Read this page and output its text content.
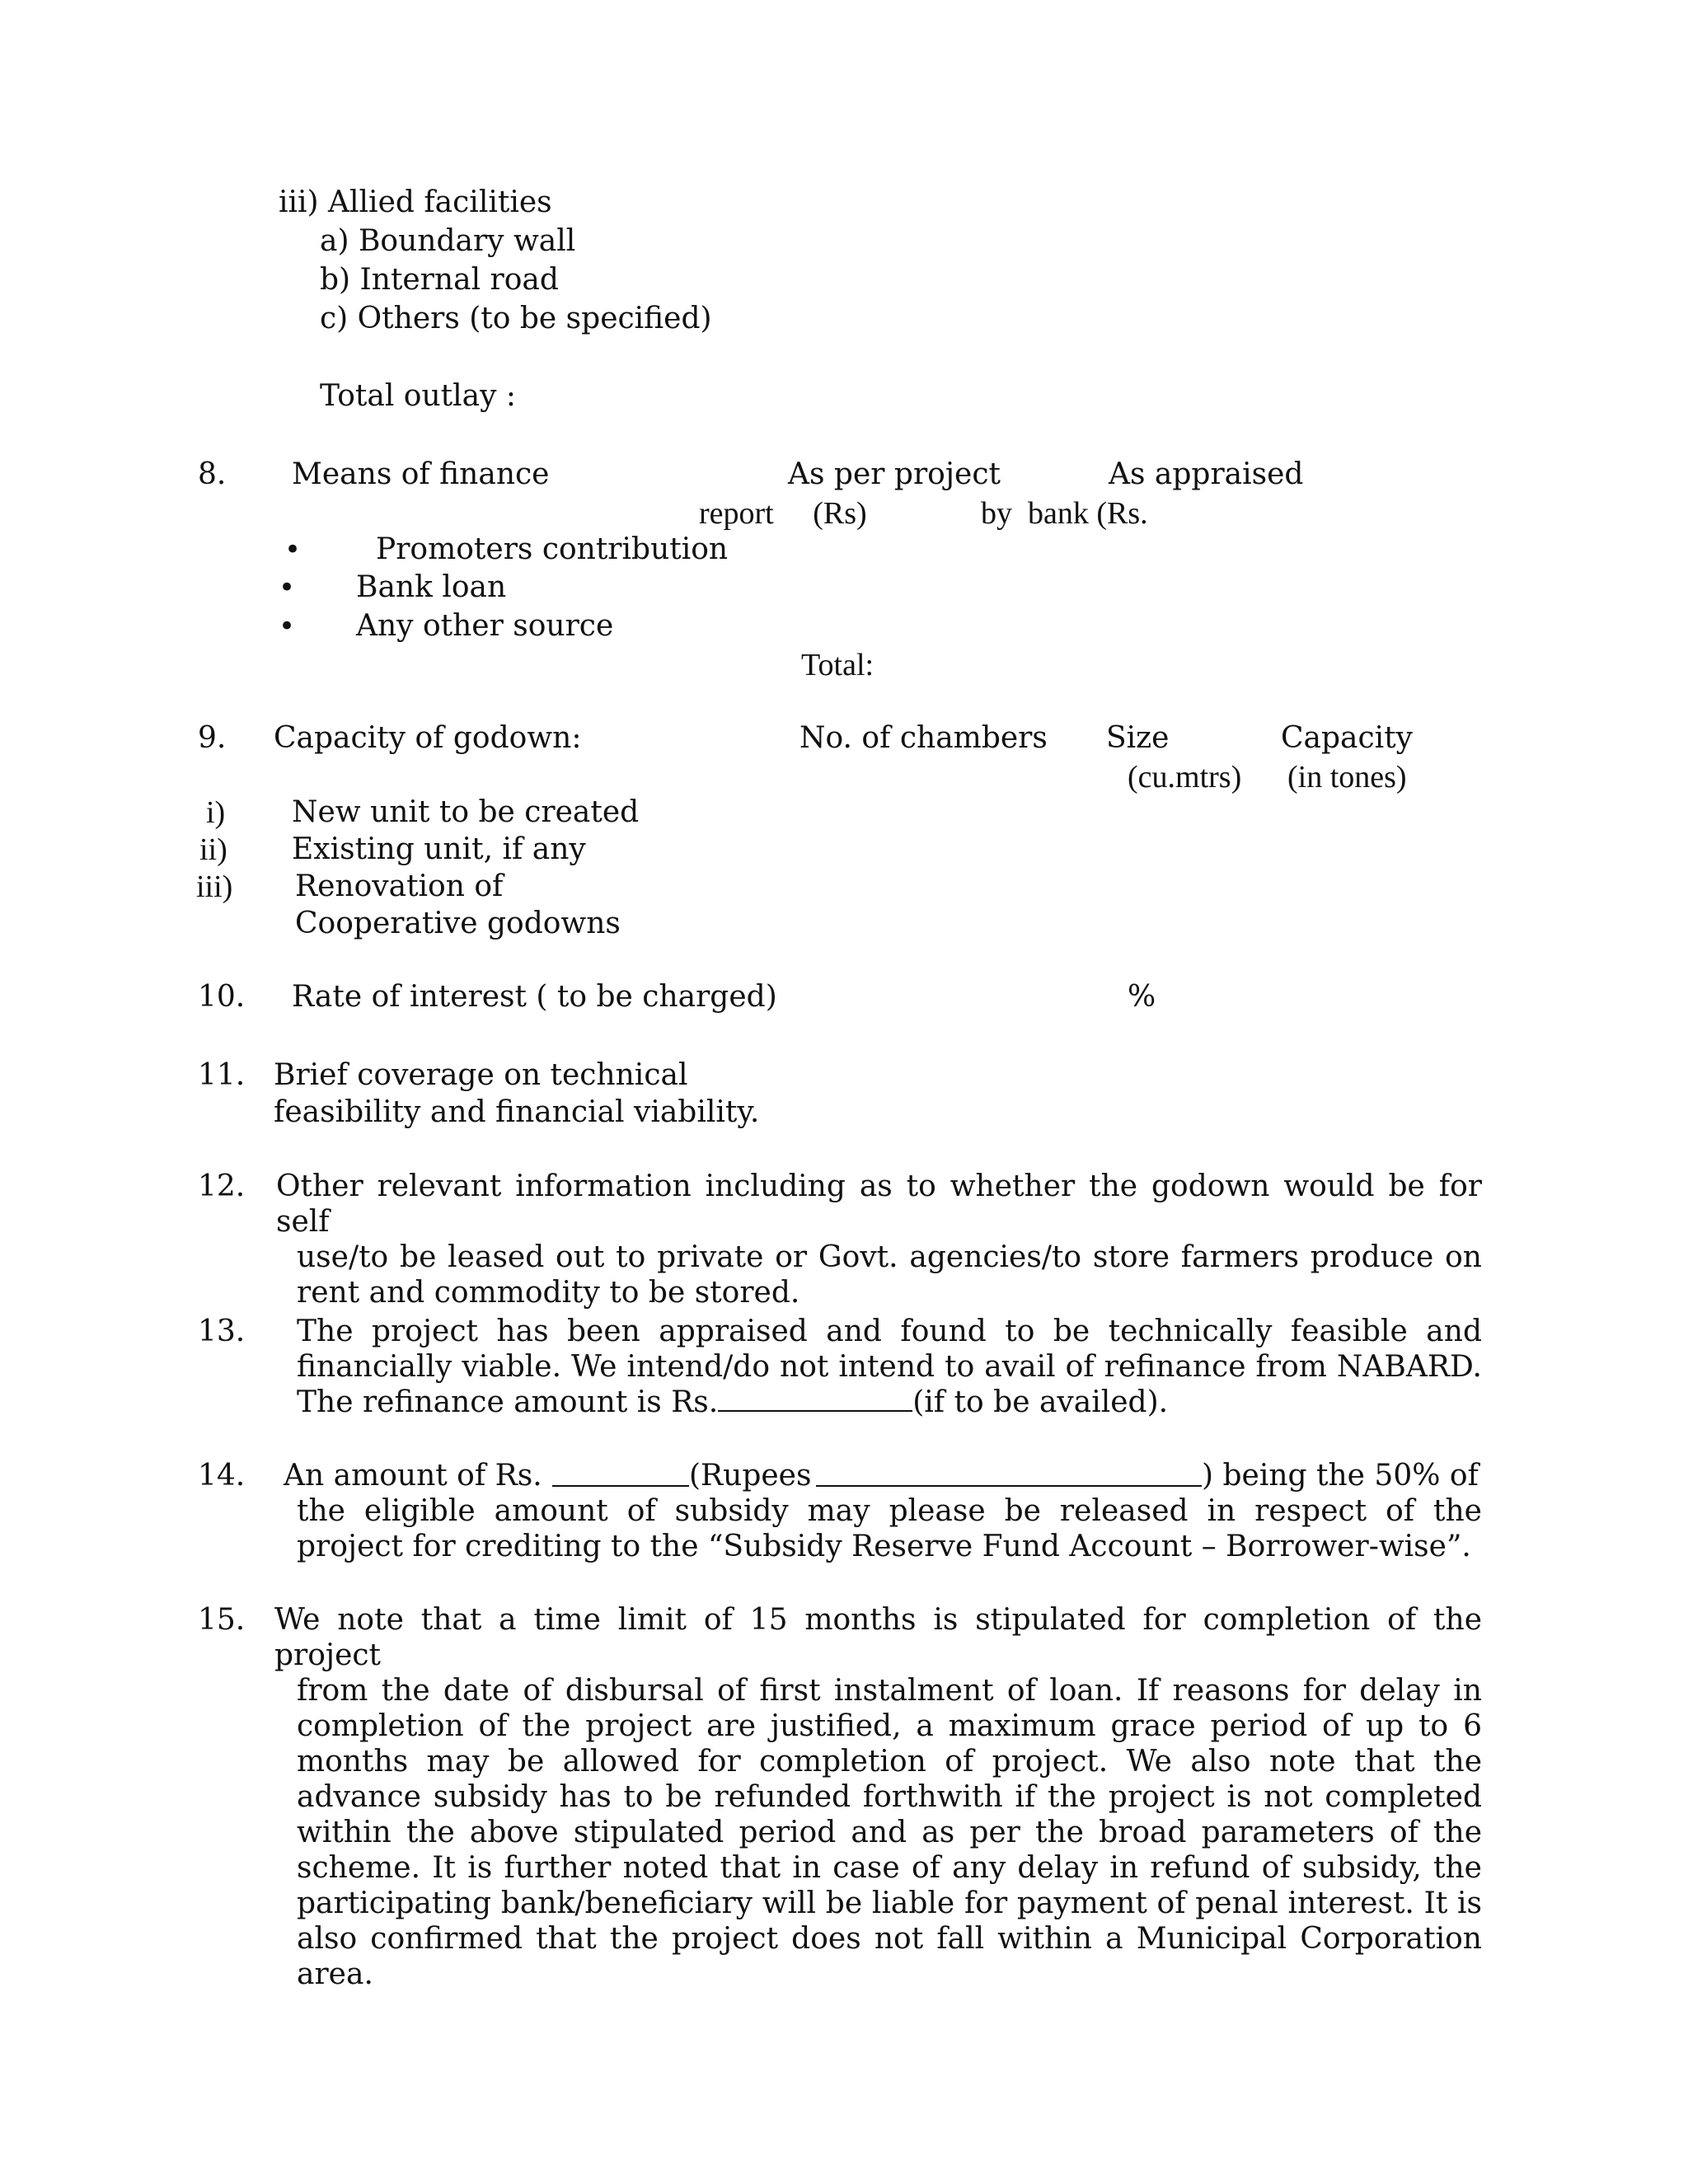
iii) Allied facilities
a) Boundary wall
b) Internal road
c) Others (to be specified)
Total outlay :
8. Means of finance	As per project	As appraised
report     (Rs)	by  bank (Rs.
•	Promoters contribution
• Bank loan
• Any other source
Total:
9. Capacity of godown:	No. of chambers Size	Capacity
(cu.mtrs) (in tones)
i) New unit to be created
ii) Existing unit, if any
iii) Renovation of
Cooperative godowns
10. Rate of interest ( to be charged)	%
11. Brief coverage on technical
feasibility and financial viability.
12. Other relevant information including as to whether the godown would be for self
use/to be leased out to private or Govt. agencies/to store farmers produce on rent and commodity to be stored.
13. The project has been appraised and found to be technically feasible and
financially viable. We intend/do not intend to avail of refinance from NABARD. The refinance amount is Rs.	(if to be availed).
14. An amount of Rs.	(Rupees	) being the 50% of
the eligible amount of subsidy may please be released in respect of the project for crediting to the “Subsidy Reserve Fund Account – Borrower-wise”.
15. We note that a time limit of 15 months is stipulated for completion of the project
from the date of disbursal of first instalment of loan. If reasons for delay in completion of the project are justified, a maximum grace period of up to 6 months may be allowed for completion of project. We also note that the advance subsidy has to be refunded forthwith if the project is not completed within the above stipulated period and as per the broad parameters of the scheme. It is further noted that in case of any delay in refund of subsidy, the participating bank/beneficiary will be liable for payment of penal interest. It is also confirmed that the project does not fall within a Municipal Corporation area.
